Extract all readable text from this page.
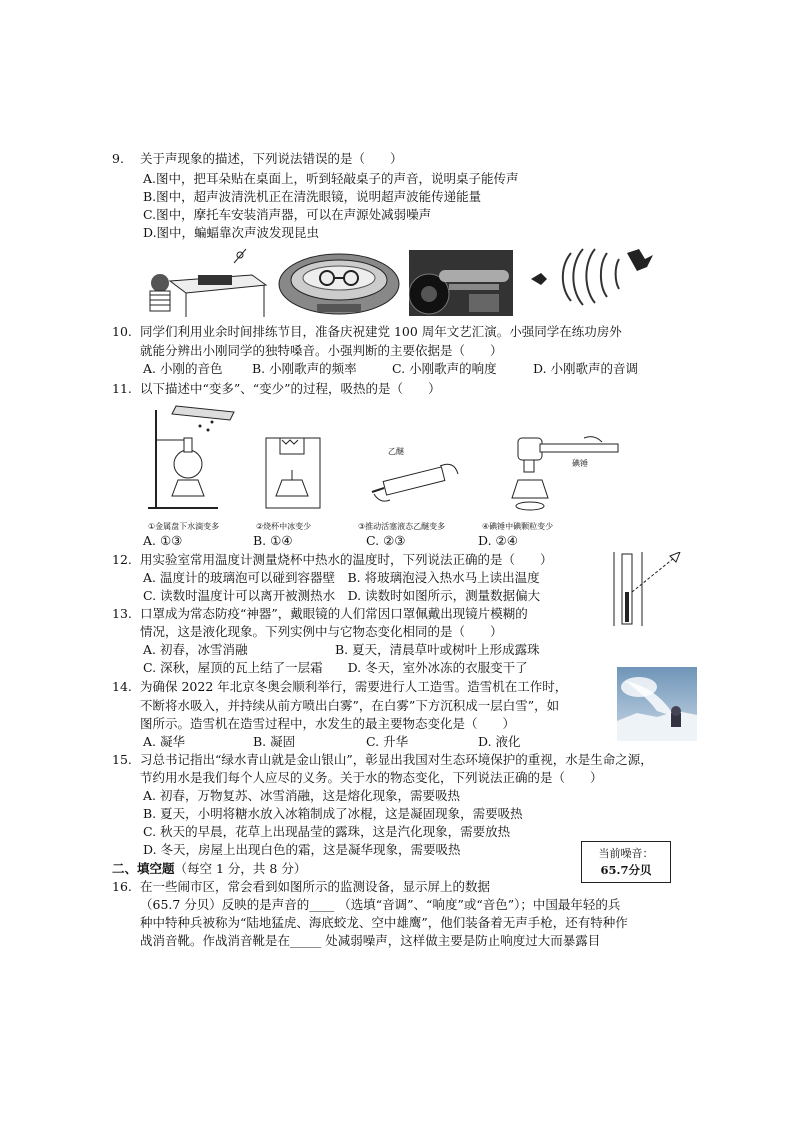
9. 关于声现象的描述，下列说法错误的是（　　）
A.图中，把耳朵贴在桌面上，听到轻敲桌子的声音，说明桌子能传声
B.图中，超声波清洗机正在清洗眼镜，说明超声波能传递能量
C.图中，摩托车安装消声器，可以在声源处减弱噪声
D.图中，蝙蝠靠次声波发现昆虫
10. 同学们利用业余时间排练节目，准备庆祝建党 100 周年文艺汇演。小强同学在练功房外
就能分辨出小刚同学的独特嗓音。小强判断的主要依据是（　　）
A. 小刚的音色 B. 小刚歌声的频率	C. 小刚歌声的响度	D. 小刚歌声的音调
11. 以下描述中“变多”、“变少”的过程，吸热的是（　　）
乙醚
碘锤
①金属盘下水滴变多	②烧杯中冰变少	③推动活塞液态乙醚变多	④碘锤中碘颗粒变少
A. ①③	B. ①④	C. ②③	D. ②④
12. 用实验室常用温度计测量烧杯中热水的温度时，下列说法正确的是（　　）
A. 温度计的玻璃泡可以碰到容器壁　B. 将玻璃泡浸入热水马上读出温度
C. 读数时温度计可以离开被测热水　D. 读数时如图所示，测量数据偏大
13. 口罩成为常态防疫“神器”，戴眼镜的人们常因口罩佩戴出现镜片模糊的
情况，这是液化现象。下列实例中与它物态变化相同的是（　　）
A. 初春，冰雪消融　　　　　　　B. 夏天，清晨草叶或树叶上形成露珠
C. 深秋，屋顶的瓦上结了一层霜　　D. 冬天，室外冰冻的衣服变干了
14. 为确保 2022 年北京冬奥会顺利举行，需要进行人工造雪。造雪机在工作时，
不断将水吸入，并持续从前方喷出白雾”，在白雾”下方沉积成一层白雪”，如
图所示。造雪机在造雪过程中，水发生的最主要物态变化是（　　）
A. 凝华	B. 凝固	C. 升华	D. 液化
15. 习总书记指出“绿水青山就是金山银山”，彰显出我国对生态环境保护的重视，水是生命之源，
节约用水是我们每个人应尽的义务。关于水的物态变化，下列说法正确的是（　　）
A. 初春，万物复苏、冰雪消融，这是熔化现象，需要吸热
B. 夏天，小明将糖水放入冰箱制成了冰棍，这是凝固现象，需要吸热
C. 秋天的早晨，花草上出现晶莹的露珠，这是汽化现象，需要放热
D. 冬天，房屋上出现白色的霜，这是凝华现象，需要吸热	当前噪音：
65.7分贝
二、填空题（每空 1 分，共 8 分）
16. 在一些闹市区，常会看到如图所示的监测设备，显示屏上的数据
（65.7 分贝）反映的是声音的____ （选填“音调”、“响度”或“音色”）；中国最年轻的兵
种中特种兵被称为“陆地猛虎、海底蛟龙、空中雄鹰”，他们装备着无声手枪，还有特种作
战消音靴。作战消音靴是在_____ 处减弱噪声，这样做主要是防止响度过大而暴露目
